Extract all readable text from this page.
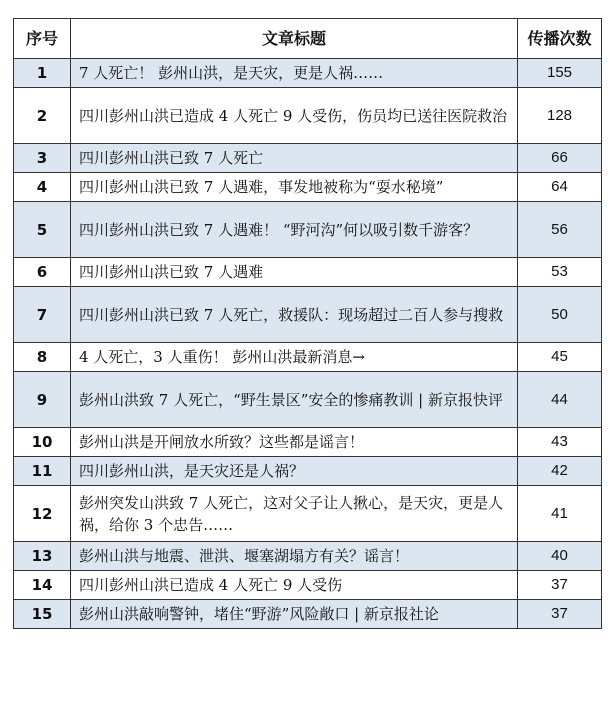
序号	文章标题	传播次数
1	7 人死亡！ 彭州山洪，是天灾，更是人祸……	155
2	四川彭州山洪已造成 4 人死亡 9 人受伤，伤员均已送往医院救治	128
3	四川彭州山洪已致 7 人死亡	66
4	四川彭州山洪已致 7 人遇难，事发地被称为“耍水秘境”	64
5	四川彭州山洪已致 7 人遇难！ “野河沟”何以吸引数千游客？	56
6	四川彭州山洪已致 7 人遇难	53
7	四川彭州山洪已致 7 人死亡，救援队：现场超过二百人参与搜救	50
8	4 人死亡，3 人重伤！ 彭州山洪最新消息→	45
9	彭州山洪致 7 人死亡，“野生景区”安全的惨痛教训 | 新京报快评	44
10	彭州山洪是开闸放水所致？这些都是谣言！	43
11	四川彭州山洪，是天灾还是人祸？	42
12	彭州突发山洪致 7 人死亡，这对父子让人揪心，是天灾，更是人祸，给你 3 个忠告……	41
13	彭州山洪与地震、泄洪、堰塞湖塌方有关？谣言！	40
14	四川彭州山洪已造成 4 人死亡 9 人受伤	37
15	彭州山洪敲响警钟，堵住“野游”风险敞口 | 新京报社论	37
